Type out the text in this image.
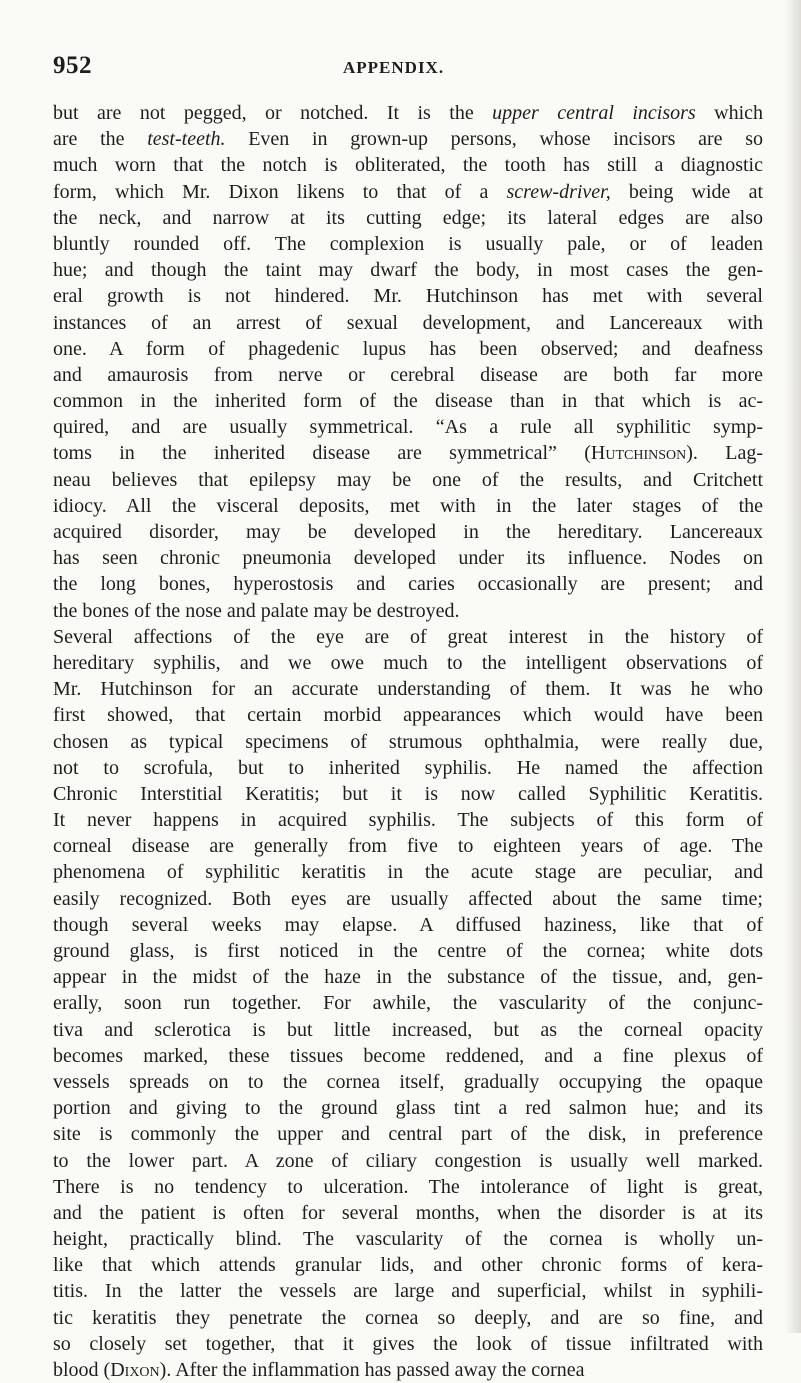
952	APPENDIX.
but are not pegged, or notched. It is the upper central incisors which
are the test-teeth. Even in grown-up persons, whose incisors are so
much worn that the notch is obliterated, the tooth has still a diagnostic
form, which Mr. Dixon likens to that of a screw-driver, being wide at
the neck, and narrow at its cutting edge; its lateral edges are also
bluntly rounded off. The complexion is usually pale, or of leaden
hue; and though the taint may dwarf the body, in most cases the gen-
eral growth is not hindered. Mr. Hutchinson has met with several
instances of an arrest of sexual development, and Lancereaux with
one. A form of phagedenic lupus has been observed; and deafness
and amaurosis from nerve or cerebral disease are both far more
common in the inherited form of the disease than in that which is ac-
quired, and are usually symmetrical. “As a rule all syphilitic symp-
toms in the inherited disease are symmetrical” (Hutchinson). Lag-
neau believes that epilepsy may be one of the results, and Critchett
idiocy. All the visceral deposits, met with in the later stages of the
acquired disorder, may be developed in the hereditary. Lancereaux
has seen chronic pneumonia developed under its influence. Nodes on
the long bones, hyperostosis and caries occasionally are present; and
the bones of the nose and palate may be destroyed.
Several affections of the eye are of great interest in the history of
hereditary syphilis, and we owe much to the intelligent observations of
Mr. Hutchinson for an accurate understanding of them. It was he who
first showed, that certain morbid appearances which would have been
chosen as typical specimens of strumous ophthalmia, were really due,
not to scrofula, but to inherited syphilis. He named the affection
Chronic Interstitial Keratitis; but it is now called Syphilitic Keratitis.
It never happens in acquired syphilis. The subjects of this form of
corneal disease are generally from five to eighteen years of age. The
phenomena of syphilitic keratitis in the acute stage are peculiar, and
easily recognized. Both eyes are usually affected about the same time;
though several weeks may elapse. A diffused haziness, like that of
ground glass, is first noticed in the centre of the cornea; white dots
appear in the midst of the haze in the substance of the tissue, and, gen-
erally, soon run together. For awhile, the vascularity of the conjunc-
tiva and sclerotica is but little increased, but as the corneal opacity
becomes marked, these tissues become reddened, and a fine plexus of
vessels spreads on to the cornea itself, gradually occupying the opaque
portion and giving to the ground glass tint a red salmon hue; and its
site is commonly the upper and central part of the disk, in preference
to the lower part. A zone of ciliary congestion is usually well marked.
There is no tendency to ulceration. The intolerance of light is great,
and the patient is often for several months, when the disorder is at its
height, practically blind. The vascularity of the cornea is wholly un-
like that which attends granular lids, and other chronic forms of kera-
titis. In the latter the vessels are large and superficial, whilst in syphili-
tic keratitis they penetrate the cornea so deeply, and are so fine, and
so closely set together, that it gives the look of tissue infiltrated with
blood (Dixon). After the inflammation has passed away the cornea
